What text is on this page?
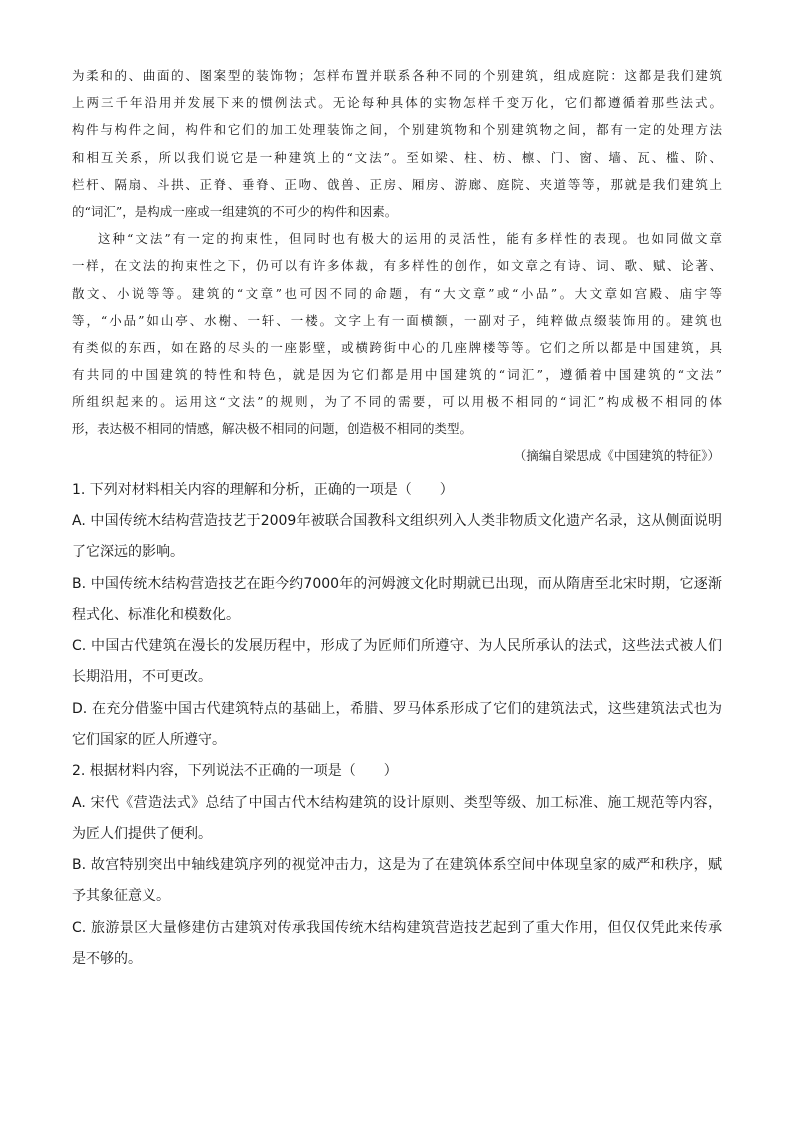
为柔和的、曲面的、图案型的装饰物；怎样布置并联系各种不同的个别建筑，组成庭院：这都是我们建筑
上两三千年沿用并发展下来的惯例法式。无论每种具体的实物怎样千变万化，它们都遵循着那些法式。
构件与构件之间，构件和它们的加工处理装饰之间，个别建筑物和个别建筑物之间，都有一定的处理方法
和相互关系，所以我们说它是一种建筑上的“文法”。至如梁、柱、枋、檩、门、窗、墙、瓦、槛、阶、
栏杆、隔扇、斗拱、正脊、垂脊、正吻、戗兽、正房、厢房、游廊、庭院、夹道等等，那就是我们建筑上
的“词汇”，是构成一座或一组建筑的不可少的构件和因素。
这种“文法”有一定的拘束性，但同时也有极大的运用的灵活性，能有多样性的表现。也如同做文章
一样，在文法的拘束性之下，仍可以有许多体裁，有多样性的创作，如文章之有诗、词、歌、赋、论著、
散文、小说等等。建筑的“文章”也可因不同的命题，有“大文章”或“小品”。大文章如宫殿、庙宇等
等，“小品”如山亭、水榭、一轩、一楼。文字上有一面横额，一副对子，纯粹做点缀装饰用的。建筑也
有类似的东西，如在路的尽头的一座影壁，或横跨街中心的几座牌楼等等。它们之所以都是中国建筑，具
有共同的中国建筑的特性和特色，就是因为它们都是用中国建筑的“词汇”，遵循着中国建筑的“文法”
所组织起来的。运用这“文法”的规则，为了不同的需要，可以用极不相同的“词汇”构成极不相同的体
形，表达极不相同的情感，解决极不相同的问题，创造极不相同的类型。
（摘编自梁思成《中国建筑的特征》）
1. 下列对材料相关内容的理解和分析，正确的一项是（　　）
A. 中国传统木结构营造技艺于2009年被联合国教科文组织列入人类非物质文化遗产名录，这从侧面说明
了它深远的影响。
B. 中国传统木结构营造技艺在距今约7000年的河姆渡文化时期就已出现，而从隋唐至北宋时期，它逐渐
程式化、标准化和模数化。
C. 中国古代建筑在漫长的发展历程中，形成了为匠师们所遵守、为人民所承认的法式，这些法式被人们
长期沿用，不可更改。
D. 在充分借鉴中国古代建筑特点的基础上，希腊、罗马体系形成了它们的建筑法式，这些建筑法式也为
它们国家的匠人所遵守。
2. 根据材料内容，下列说法不正确的一项是（　　）
A. 宋代《营造法式》总结了中国古代木结构建筑的设计原则、类型等级、加工标准、施工规范等内容，
为匠人们提供了便利。
B. 故宫特别突出中轴线建筑序列的视觉冲击力，这是为了在建筑体系空间中体现皇家的威严和秩序，赋
予其象征意义。
C. 旅游景区大量修建仿古建筑对传承我国传统木结构建筑营造技艺起到了重大作用，但仅仅凭此来传承
是不够的。
